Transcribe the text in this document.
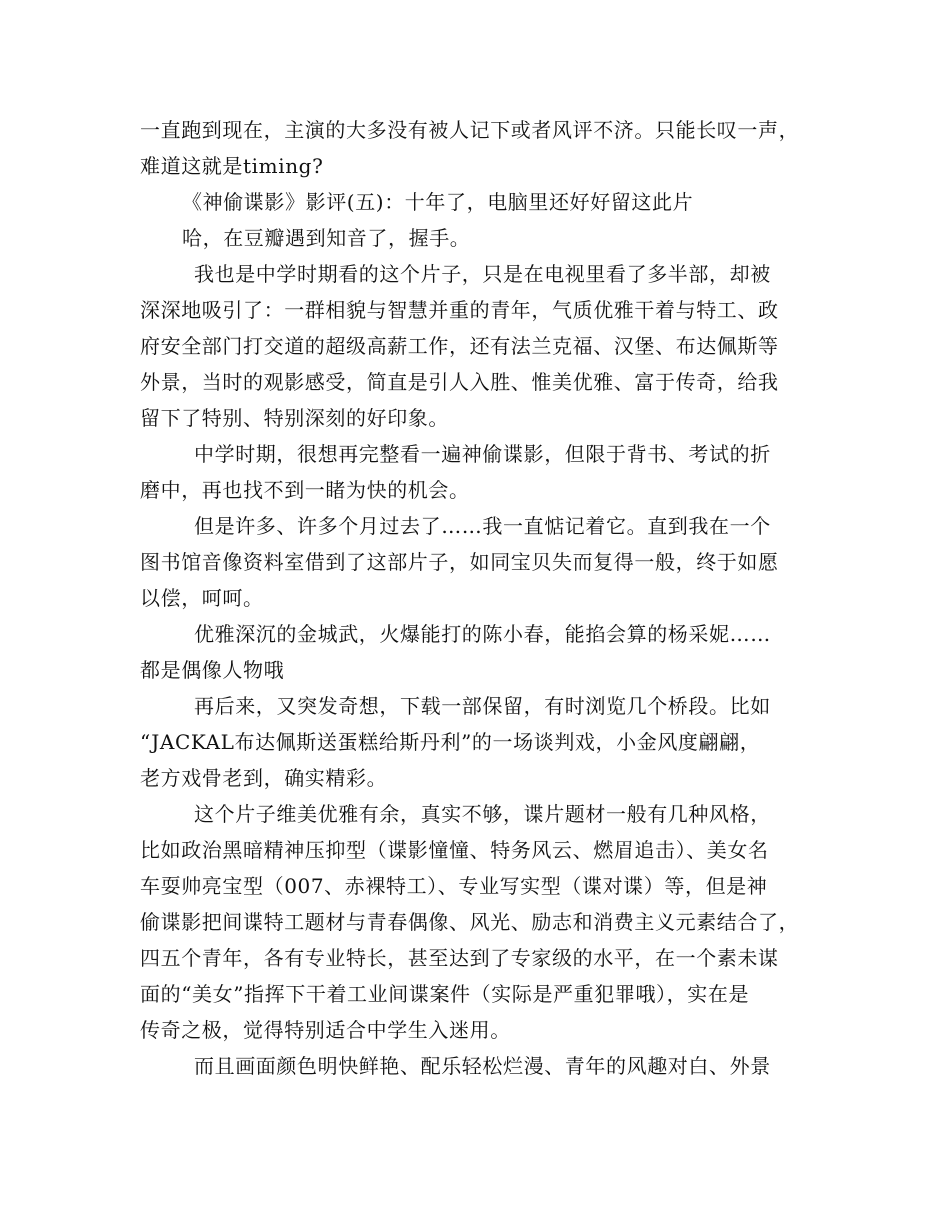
一直跑到现在，主演的大多没有被人记下或者风评不济。只能长叹一声，
难道这就是timing?
《神偷谍影》影评(五)：十年了，电脑里还好好留这此片
哈，在豆瓣遇到知音了，握手。
我也是中学时期看的这个片子，只是在电视里看了多半部，却被
深深地吸引了：一群相貌与智慧并重的青年，气质优雅干着与特工、政
府安全部门打交道的超级高薪工作，还有法兰克福、汉堡、布达佩斯等
外景，当时的观影感受，简直是引人入胜、惟美优雅、富于传奇，给我
留下了特别、特别深刻的好印象。
中学时期，很想再完整看一遍神偷谍影，但限于背书、考试的折
磨中，再也找不到一睹为快的机会。
但是许多、许多个月过去了……我一直惦记着它。直到我在一个
图书馆音像资料室借到了这部片子，如同宝贝失而复得一般，终于如愿
以偿，呵呵。
优雅深沉的金城武，火爆能打的陈小春，能掐会算的杨采妮……
都是偶像人物哦
再后来，又突发奇想，下载一部保留，有时浏览几个桥段。比如
“JACKAL布达佩斯送蛋糕给斯丹利”的一场谈判戏，小金风度翩翩，
老方戏骨老到，确实精彩。
这个片子维美优雅有余，真实不够，谍片题材一般有几种风格，
比如政治黑暗精神压抑型（谍影憧憧、特务风云、燃眉追击）、美女名
车耍帅亮宝型（007、赤裸特工）、专业写实型（谍对谍）等，但是神
偷谍影把间谍特工题材与青春偶像、风光、励志和消费主义元素结合了，
四五个青年，各有专业特长，甚至达到了专家级的水平，在一个素未谋
面的“美女”指挥下干着工业间谍案件（实际是严重犯罪哦），实在是
传奇之极，觉得特别适合中学生入迷用。
而且画面颜色明快鲜艳、配乐轻松烂漫、青年的风趣对白、外景
